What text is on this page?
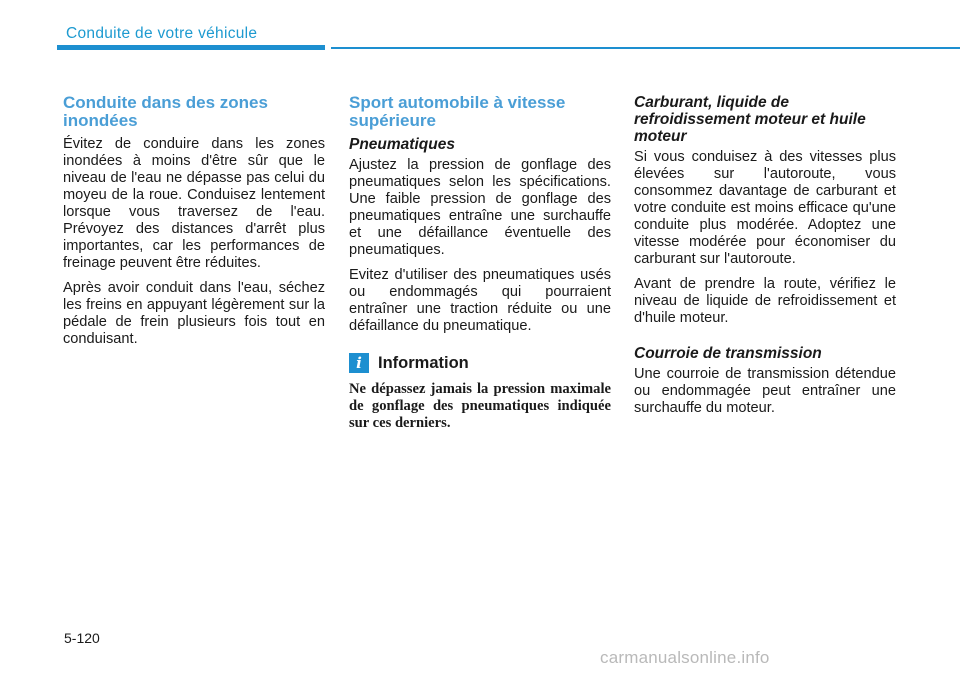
Conduite de votre véhicule
Conduite dans des zones inondées

Évitez de conduire dans les zones inondées à moins d'être sûr que le niveau de l'eau ne dépasse pas celui du moyeu de la roue. Conduisez lentement lorsque vous traversez de l'eau. Prévoyez des distances d'arrêt plus importantes, car les performances de freinage peuvent être réduites.

Après avoir conduit dans l'eau, séchez les freins en appuyant légèrement sur la pédale de frein plusieurs fois tout en conduisant.

Sport automobile à vitesse supérieure
Pneumatiques

Ajustez la pression de gonflage des pneumatiques selon les spécifications. Une faible pression de gonflage des pneumatiques entraîne une surchauffe et une défaillance éventuelle des pneumatiques.

Evitez d'utiliser des pneumatiques usés ou endommagés qui pourraient entraîner une traction réduite ou une défaillance du pneumatique.

i Information

Ne dépassez jamais la pression maximale de gonflage des pneumatiques indiquée sur ces derniers.

Carburant, liquide de refroidissement moteur et huile moteur

Si vous conduisez à des vitesses plus élevées sur l'autoroute, vous consommez davantage de carburant et votre conduite est moins efficace qu'une conduite plus modérée. Adoptez une vitesse modérée pour économiser du carburant sur l'autoroute.

Avant de prendre la route, vérifiez le niveau de liquide de refroidissement et d'huile moteur.

Courroie de transmission

Une courroie de transmission détendue ou endommagée peut entraîner une surchauffe du moteur.

5-120
carmanualsonline.info
